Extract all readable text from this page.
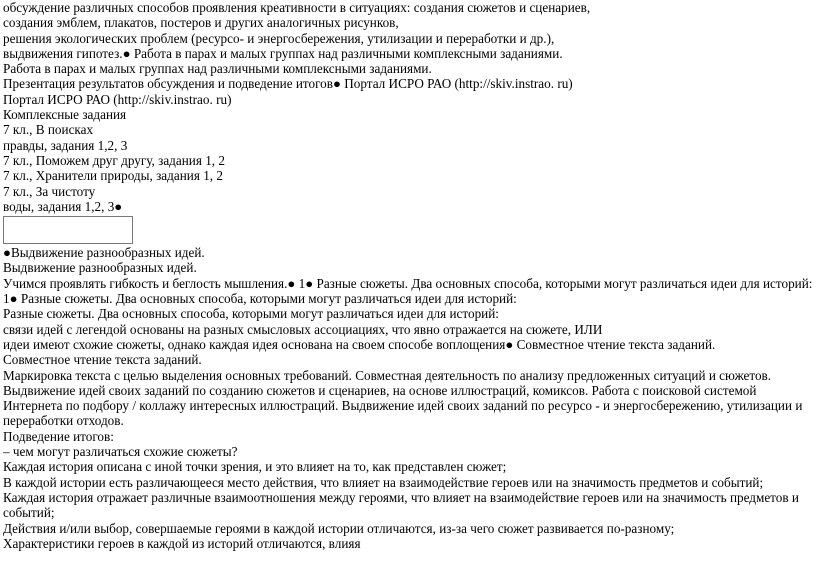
обсуждение различных способов проявления креативности в ситуациях: создания сюжетов и сценариев,

создания эмблем, плакатов, постеров и других аналогичных рисунков,

решения экологических проблем (ресурсо- и энергосбережения, утилизации и переработки и др.),

выдвижения гипотез.● Работа в парах и малых группах над различными комплексными заданиями.

Работа в парах и малых группах над различными комплексными заданиями.

Презентация результатов обсуждения и подведение итогов● Портал ИСРО РАО (http://skiv.instrao. ru)

Портал ИСРО РАО (http://skiv.instrao. ru)

Комплексные задания

7 кл., В поисках

правды, задания 1,2, 3

7 кл., Поможем друг другу, задания 1, 2

7 кл., Хранители природы, задания 1, 2

7 кл., За чистоту

воды, задания 1,2, 3●

●Выдвижение разнообразных идей.

Выдвижение разнообразных идей.

Учимся проявлять гибкость и беглость мышления.● 1● Разные сюжеты. Два основных способа, которыми могут различаться идеи для историй:

1● Разные сюжеты. Два основных способа, которыми могут различаться идеи для историй:

Разные сюжеты. Два основных способа, которыми могут различаться идеи для историй:

связи идей с легендой основаны на разных смысловых ассоциациях, что явно отражается на сюжете, ИЛИ

идеи имеют схожие сюжеты, однако каждая идея основана на своем способе воплощения● Совместное чтение текста заданий.

Совместное чтение текста заданий.

Маркировка текста с целью выделения основных требований. Совместная деятельность по анализу предложенных ситуаций и сюжетов.

Выдвижение идей своих заданий по созданию сюжетов и сценариев, на основе иллюстраций, комиксов. Работа с поисковой системой Интернета по подбору / коллажу интересных иллюстраций. Выдвижение идей своих заданий по ресурсо - и энергосбережению, утилизации и переработки отходов.

Подведение итогов:

– чем могут различаться схожие сюжеты?

Каждая история описана с иной точки зрения, и это влияет на то, как представлен сюжет;

В каждой истории есть различающееся место действия, что влияет на взаимодействие героев или на значимость предметов и событий;

Каждая история отражает различные взаимоотношения между героями, что влияет на взаимодействие героев или на значимость предметов и событий;

Действия и/или выбор, совершаемые героями в каждой истории отличаются, из-за чего сюжет развивается по-разному;

Характеристики героев в каждой из историй отличаются, влияя
